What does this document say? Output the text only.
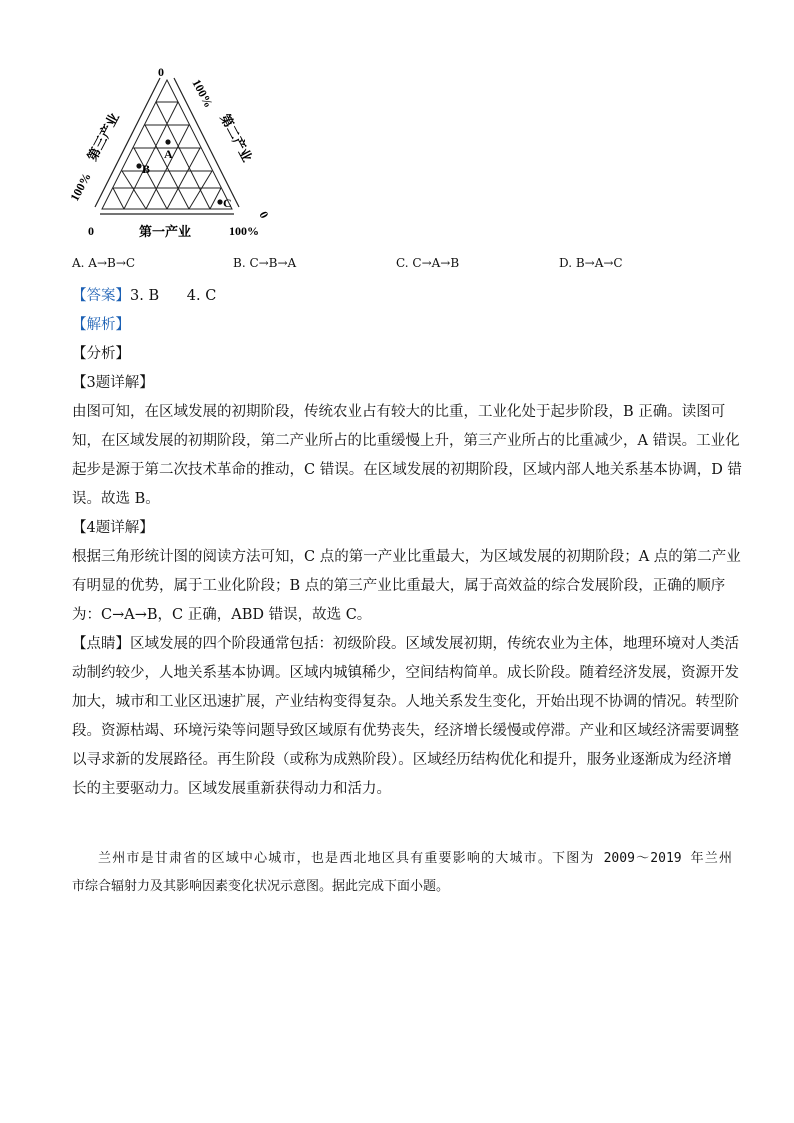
A
B
C
0
0	100%
0
100%
100%
第三产业	第二产业
第一产业
A. A→B→C	B. C→B→A	C. C→A→B	D. B→A→C
【答案】3. B      4. C
【解析】
【分析】
【3题详解】
由图可知，在区域发展的初期阶段，传统农业占有较大的比重，工业化处于起步阶段，B 正确。读图可
知，在区域发展的初期阶段，第二产业所占的比重缓慢上升，第三产业所占的比重减少，A 错误。工业化
起步是源于第二次技术革命的推动，C 错误。在区域发展的初期阶段，区域内部人地关系基本协调，D 错
误。故选 B。
【4题详解】
根据三角形统计图的阅读方法可知，C 点的第一产业比重最大，为区域发展的初期阶段；A 点的第二产业
有明显的优势，属于工业化阶段；B 点的第三产业比重最大，属于高效益的综合发展阶段，正确的顺序
为：C→A→B，C 正确，ABD 错误，故选 C。
【点睛】区域发展的四个阶段通常包括：初级阶段。区域发展初期，传统农业为主体，地理环境对人类活
动制约较少，人地关系基本协调。区域内城镇稀少，空间结构简单。成长阶段。随着经济发展，资源开发
加大，城市和工业区迅速扩展，产业结构变得复杂。人地关系发生变化，开始出现不协调的情况。转型阶
段。资源枯竭、环境污染等问题导致区域原有优势丧失，经济增长缓慢或停滞。产业和区域经济需要调整
以寻求新的发展路径。再生阶段（或称为成熟阶段）。区域经历结构优化和提升，服务业逐渐成为经济增
长的主要驱动力。区域发展重新获得动力和活力。
兰州市是甘肃省的区域中心城市，也是西北地区具有重要影响的大城市。下图为 2009～2019 年兰州
市综合辐射力及其影响因素变化状况示意图。据此完成下面小题。
